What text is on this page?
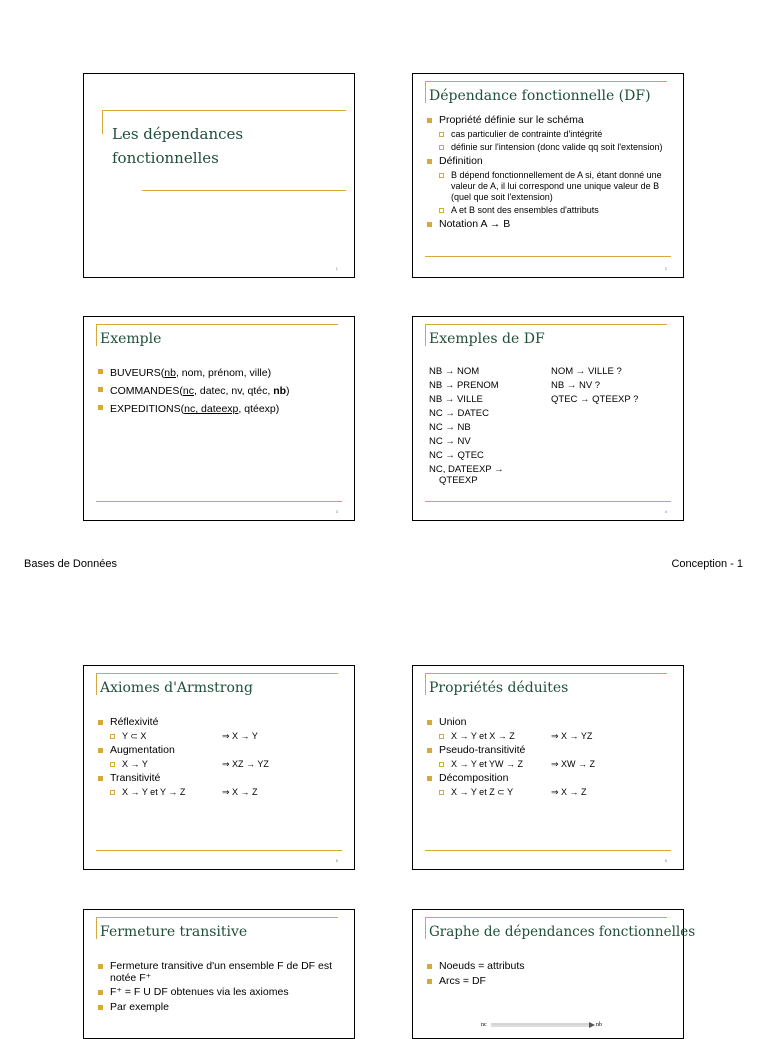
Les dépendances
fonctionnelles
1
Dépendance fonctionnelle (DF)
Propriété définie sur le schéma
cas particulier de contrainte d'intégrité
définie sur l'intension (donc valide qq soit l'extension)
Définition
B dépend fonctionnellement de A si, étant donné une valeur de A, il lui correspond une unique valeur de B (quel que soit l'extension)
A et B sont des ensembles d'attributs
Notation A → B
2
Exemple
BUVEURS(nb, nom, prénom, ville)
COMMANDES(nc, datec, nv, qtéc, nb)
EXPEDITIONS(nc, dateexp, qtéexp)
3
Exemples de DF
NB → NOM
NB → PRENOM
NB → VILLE
NC → DATEC
NC → NB
NC → NV
NC → QTEC
NC, DATEEXP →
QTEEXP
NOM → VILLE ?
NB → NV ?
QTEC → QTEEXP ?
4
Bases de Données	Conception - 1
Axiomes d'Armstrong
Réflexivité
Y ⊂ X	⇒ X → Y
Augmentation
X → Y	⇒ XZ → YZ
Transitivité
X → Y et Y → Z	⇒ X → Z
5
Propriétés déduites
Union
X → Y et X → Z	⇒ X → YZ
Pseudo-transitivité
X → Y et YW → Z	⇒ XW → Z
Décomposition
X → Y et Z ⊂ Y	⇒ X → Z
6
Fermeture transitive
Fermeture transitive d'un ensemble F de DF est notée F⁺
F⁺ = F U DF obtenues via les axiomes
Par exemple
Graphe de dépendances fonctionnelles
Noeuds = attributs
Arcs = DF
nc	nb
